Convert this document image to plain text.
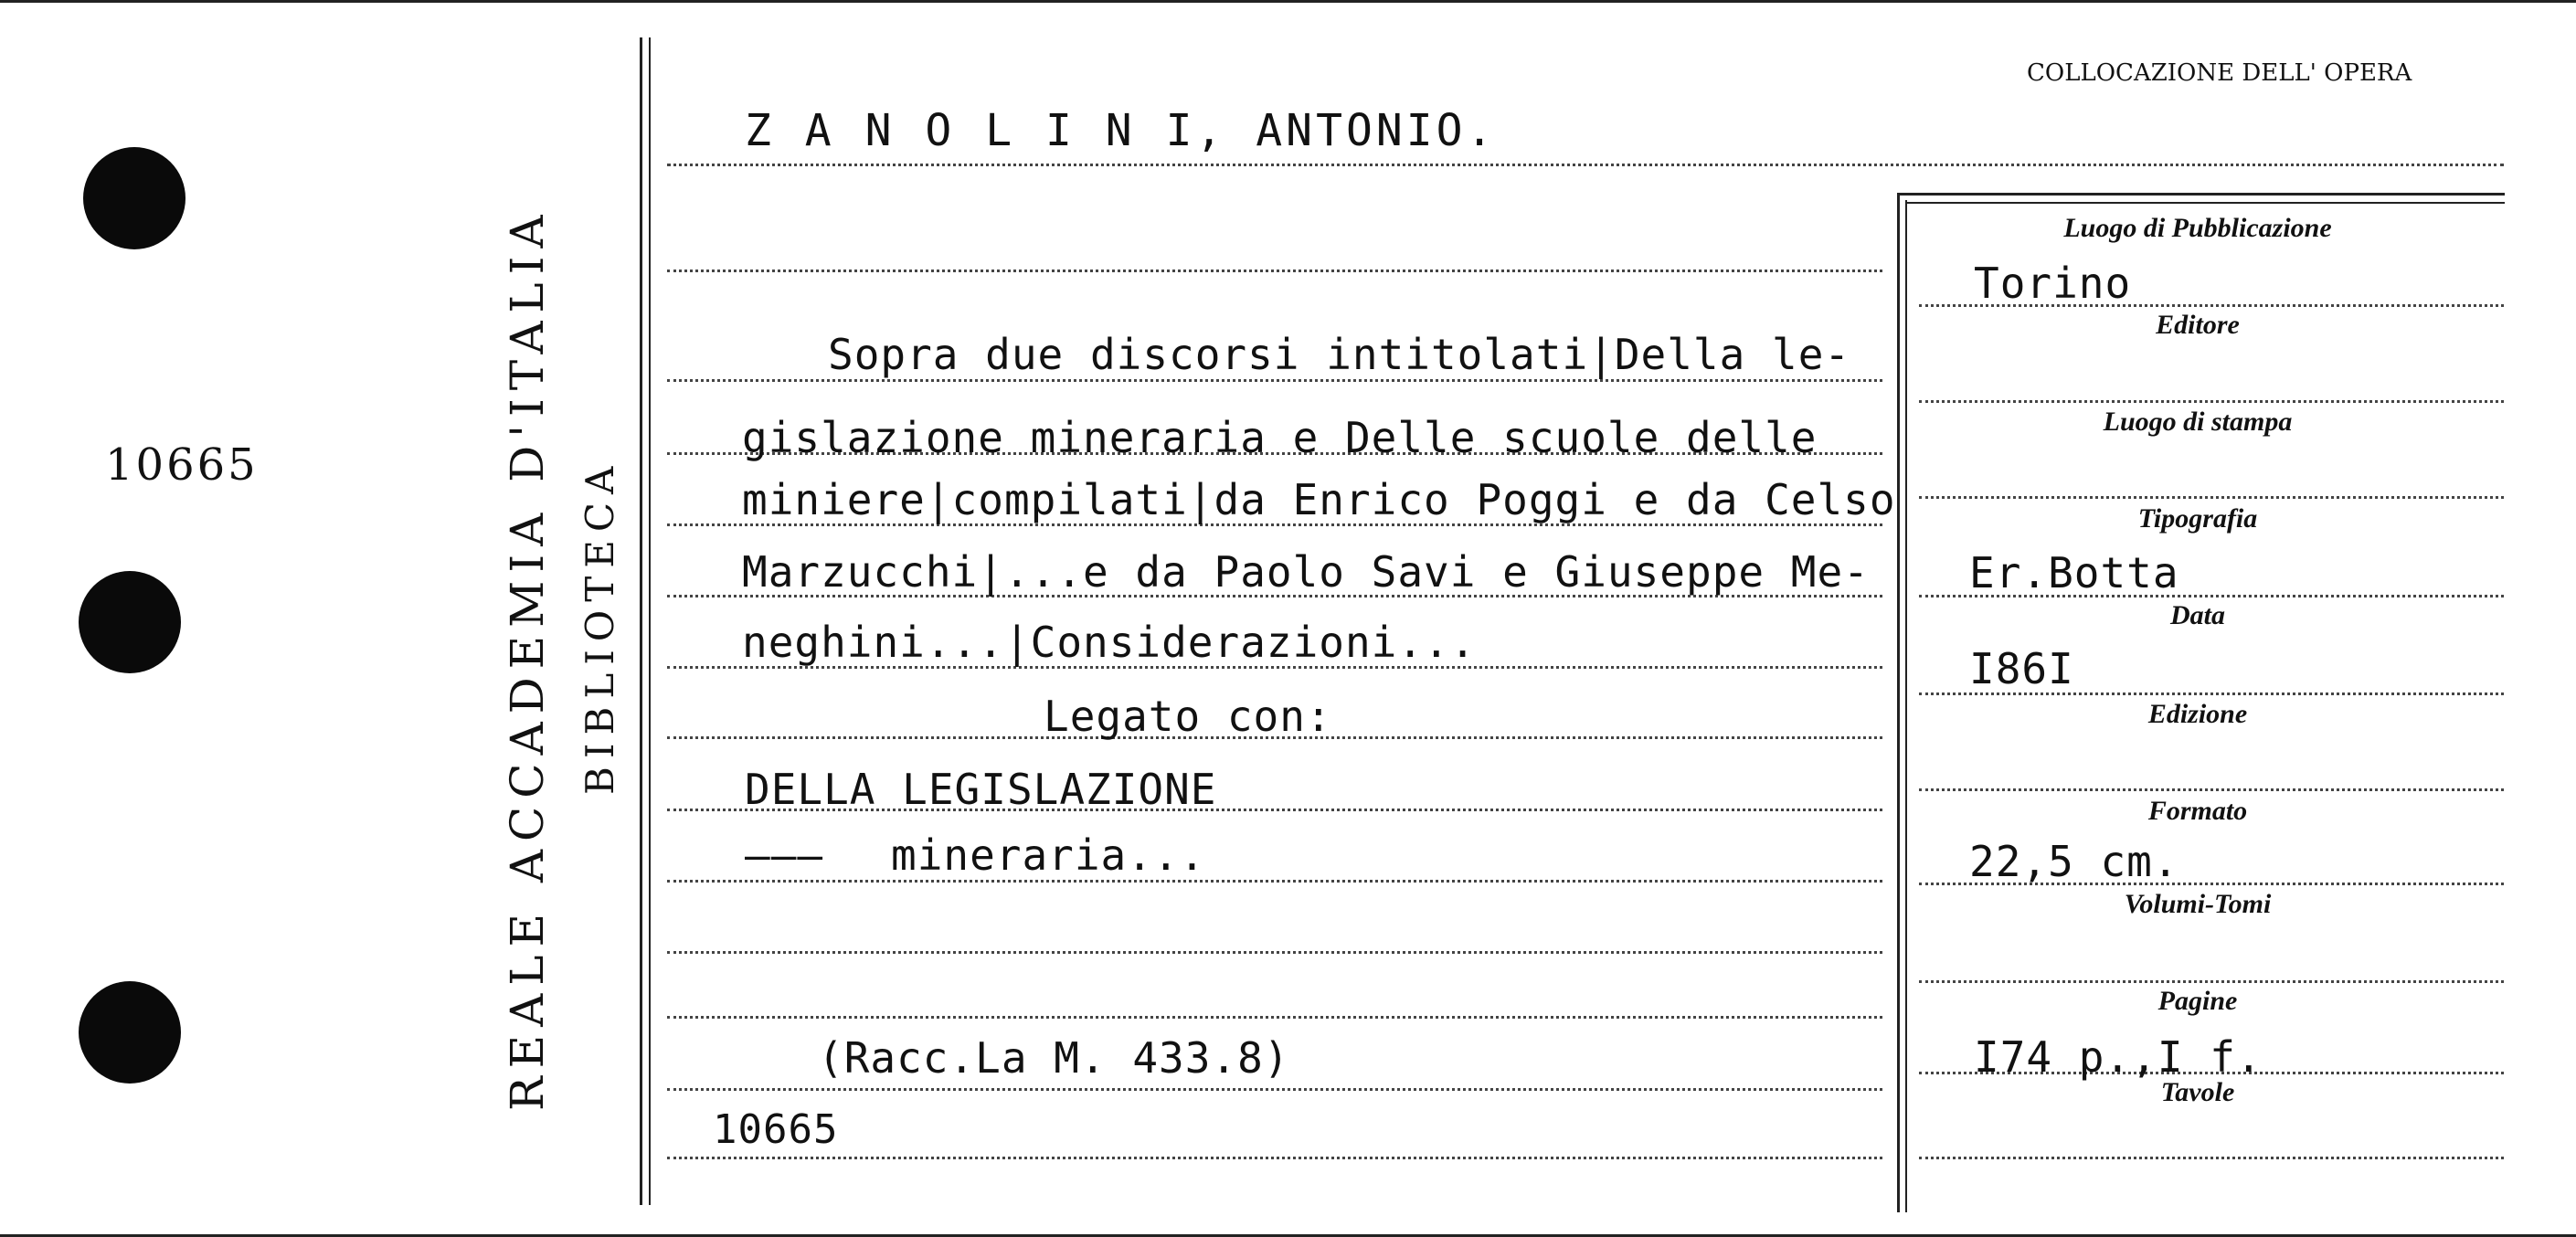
10665	REALE ACCADEMIA D'ITALIA BIBLIOTECA
COLLOCAZIONE DELL' OPERA
Luogo di Pubblicazione
Editore
Luogo di stampa
Tipografia
Data
Edizione
Formato
Volumi-Tomi
Pagine
Tavole
Torino
Er.Botta
I86I
22,5 cm.
I74 p.,I f.
Z A N O L I N I, ANTONIO.
Sopra due discorsi intitolati|Della le-
gislazione mineraria e Delle scuole delle
miniere|compilati|da Enrico Poggi e da Celso
Marzucchi|...e da Paolo Savi e Giuseppe Me-
neghini...|Considerazioni...
Legato con:
DELLA LEGISLAZIONE
——— mineraria...
(Racc.La M. 433.8)
10665
